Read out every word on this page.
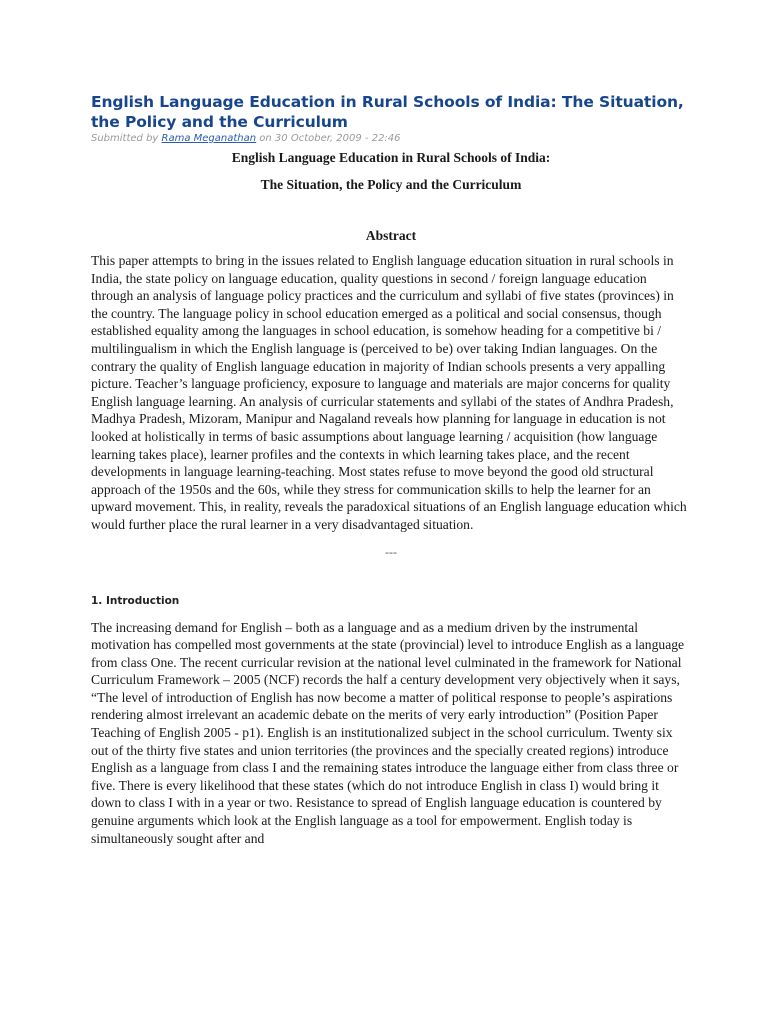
English Language Education in Rural Schools of India: The Situation, the Policy and the Curriculum
Submitted by Rama Meganathan on 30 October, 2009 - 22:46
English Language Education in Rural Schools of India:
The Situation, the Policy and the Curriculum
Abstract

This paper attempts to bring in the issues related to English language education situation in rural schools in India, the state policy on language education, quality questions in second / foreign language education through an analysis of language policy practices and the curriculum and syllabi of five states (provinces) in the country. The language policy in school education emerged as a political and social consensus, though established equality among the languages in school education, is somehow heading for a competitive bi / multilingualism in which the English language is (perceived to be) over taking Indian languages. On the contrary the quality of English language education in majority of Indian schools presents a very appalling picture. Teacher’s language proficiency, exposure to language and materials are major concerns for quality English language learning. An analysis of curricular statements and syllabi of the states of Andhra Pradesh, Madhya Pradesh, Mizoram, Manipur and Nagaland reveals how planning for language in education is not looked at holistically in terms of basic assumptions about language learning / acquisition (how language learning takes place), learner profiles and the contexts in which learning takes place, and the recent developments in language learning-teaching. Most states refuse to move beyond the good old structural approach of the 1950s and the 60s, while they stress for communication skills to help the learner for an upward movement. This, in reality, reveals the paradoxical situations of an English language education which would further place the rural learner in a very disadvantaged situation.

---
1. Introduction

The increasing demand for English – both as a language and as a medium driven by the instrumental motivation has compelled most governments at the state (provincial) level to introduce English as a language from class One. The recent curricular revision at the national level culminated in the framework for National Curriculum Framework – 2005 (NCF) records the half a century development very objectively when it says, “The level of introduction of English has now become a matter of political response to people’s aspirations rendering almost irrelevant an academic debate on the merits of very early introduction” (Position Paper Teaching of English 2005 - p1). English is an institutionalized subject in the school curriculum. Twenty six out of the thirty five states and union territories (the provinces and the specially created regions) introduce English as a language from class I and the remaining states introduce the language either from class three or five. There is every likelihood that these states (which do not introduce English in class I) would bring it down to class I with in a year or two. Resistance to spread of English language education is countered by genuine arguments which look at the English language as a tool for empowerment. English today is simultaneously sought after and
